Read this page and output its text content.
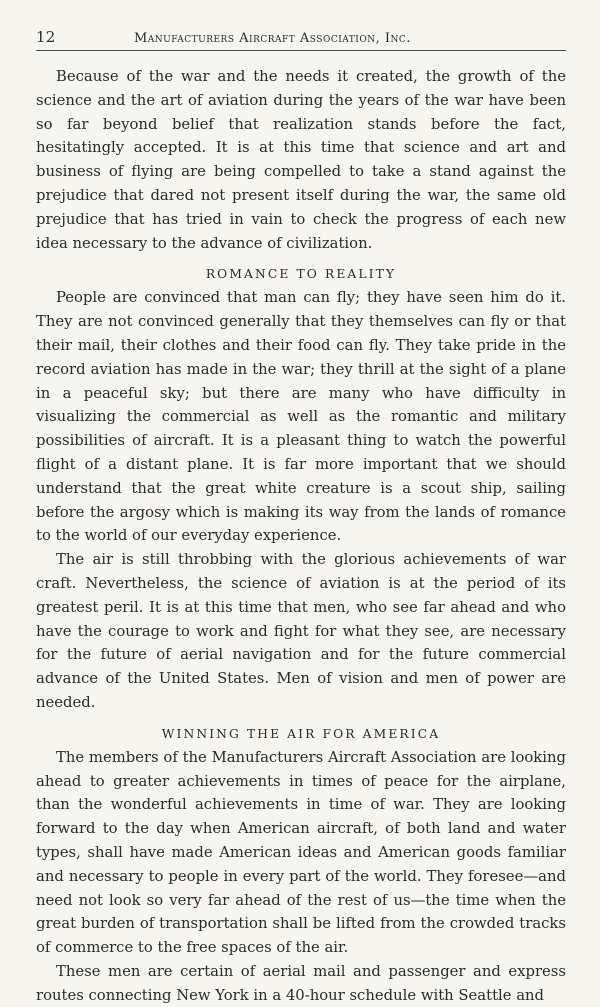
12	Manufacturers Aircraft Association, Inc.

Because of the war and the needs it created, the growth of the science and the art of aviation during the years of the war have been so far beyond belief that realization stands before the fact, hesitatingly accepted. It is at this time that science and art and business of flying are being compelled to take a stand against the prejudice that dared not present itself during the war, the same old prejudice that has tried in vain to check the progress of each new idea necessary to the advance of civilization.

ROMANCE TO REALITY

People are convinced that man can fly; they have seen him do it. They are not convinced generally that they themselves can fly or that their mail, their clothes and their food can fly. They take pride in the record aviation has made in the war; they thrill at the sight of a plane in a peaceful sky; but there are many who have difficulty in visualizing the commercial as well as the romantic and military possibilities of aircraft. It is a pleasant thing to watch the powerful flight of a distant plane. It is far more important that we should understand that the great white creature is a scout ship, sailing before the argosy which is making its way from the lands of romance to the world of our everyday experience.

The air is still throbbing with the glorious achievements of war craft. Nevertheless, the science of aviation is at the period of its greatest peril. It is at this time that men, who see far ahead and who have the courage to work and fight for what they see, are necessary for the future of aerial navigation and for the future commercial advance of the United States. Men of vision and men of power are needed.

WINNING THE AIR FOR AMERICA

The members of the Manufacturers Aircraft Association are looking ahead to greater achievements in times of peace for the airplane, than the wonderful achievements in time of war. They are looking forward to the day when American aircraft, of both land and water types, shall have made American ideas and American goods familiar and necessary to people in every part of the world. They foresee—and need not look so very far ahead of the rest of us—the time when the great burden of transportation shall be lifted from the crowded tracks of commerce to the free spaces of the air.

These men are certain of aerial mail and passenger and express routes connecting New York in a 40-hour schedule with Seattle and
